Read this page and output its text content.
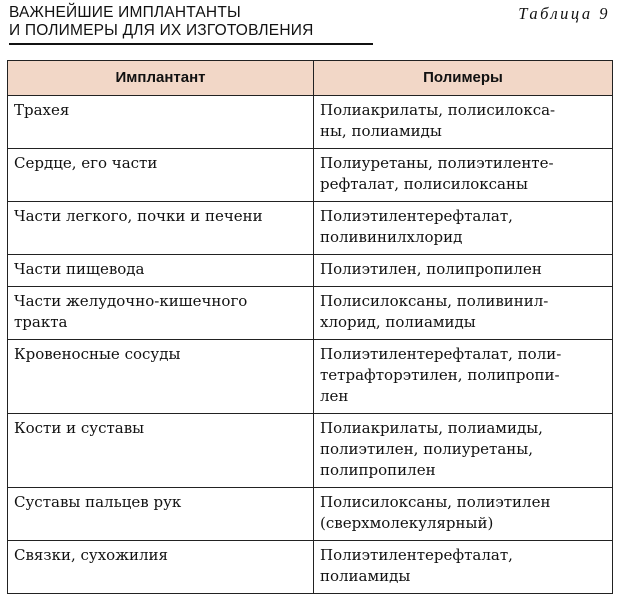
ВАЖНЕЙШИЕ ИМПЛАНТАНТЫ
И ПОЛИМЕРЫ ДЛЯ ИХ ИЗГОТОВЛЕНИЯ
Таблица 9
Имплантант	Полимеры

Трахея	Полиакрилаты, полисилокса-
ны, полиамиды

Сердце, его части	Полиуретаны, полиэтиленте-
рефталат, полисилоксаны

Части легкого, почки и печени	Полиэтилентерефталат,
поливинилхлорид

Части пищевода	Полиэтилен, полипропилен

Части желудочно-кишечного
тракта	Полисилоксаны, поливинил-
хлорид, полиамиды

Кровеносные сосуды	Полиэтилентерефталат, поли-
тетрафторэтилен, полипропи-
лен

Кости и суставы	Полиакрилаты, полиамиды,
полиэтилен, полиуретаны,
полипропилен

Суставы пальцев рук	Полисилоксаны, полиэтилен
(сверхмолекулярный)

Связки, сухожилия	Полиэтилентерефталат,
полиамиды
